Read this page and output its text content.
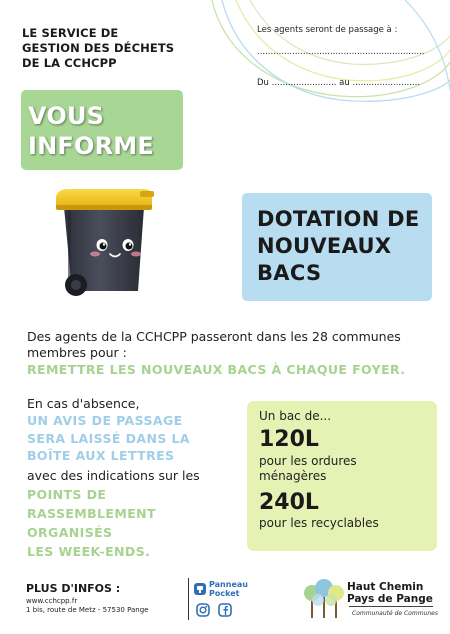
LE SERVICE DE
GESTION DES DÉCHETS
DE LA CCHCPP
Les agents seront de passage à :
..............................................................
Du ........................ au .........................
VOUS
INFORME
DOTATION DE
NOUVEAUX
BACS
Des agents de la CCHCPP passeront dans les 28 communes
membres pour :
REMETTRE LES NOUVEAUX BACS À CHAQUE FOYER.
En cas d'absence,
UN AVIS DE PASSAGE
SERA LAISSÉ DANS LA
BOÎTE AUX LETTRES
avec des indications sur les
POINTS DE
RASSEMBLEMENT
ORGANISÉS
LES WEEK-ENDS.
Un bac de...
120L
pour les ordures
ménagères
240L
pour les recyclables
PLUS D'INFOS :
www.cchcpp.fr
1 bis, route de Metz - 57530 Pange
Panneau
Pocket
Haut Chemin
Pays de Pange
Communauté de Communes
